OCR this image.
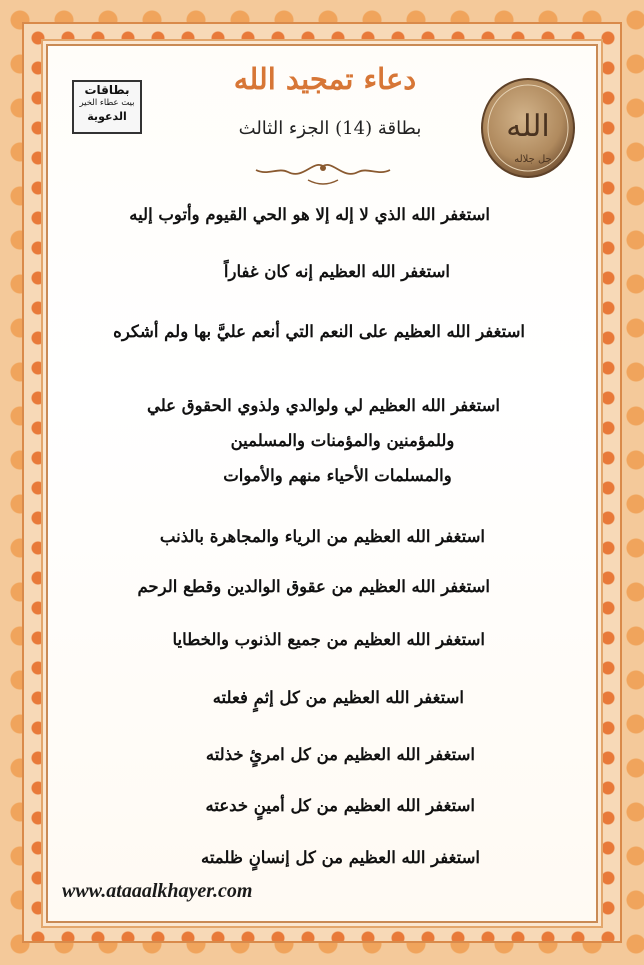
بطاقات
بيت عطاء الخير
الدعوية
دعاء تمجيد الله
بطاقة (14) الجزء الثالث	الله
جل جلاله
استغفر الله الذي لا إله إلا هو الحي القيوم وأتوب إليه
استغفر الله العظيم إنه كان غفاراً
استغفر الله العظيم على النعم التي أنعم عليَّ بها ولم أشكره
استغفر الله العظيم لي ولوالدي ولذوي الحقوق علي
وللمؤمنين والمؤمنات والمسلمين
والمسلمات الأحياء منهم والأموات
استغفر الله العظيم من الرياء والمجاهرة بالذنب
استغفر الله العظيم من عقوق الوالدين وقطع الرحم
استغفر الله العظيم من جميع الذنوب والخطايا
استغفر الله العظيم من كل إثمٍ فعلته
استغفر الله العظيم من كل امرئٍ خذلته
استغفر الله العظيم من كل أمينٍ خدعته
استغفر الله العظيم من كل إنسانٍ ظلمته
www.ataaalkhayer.com
